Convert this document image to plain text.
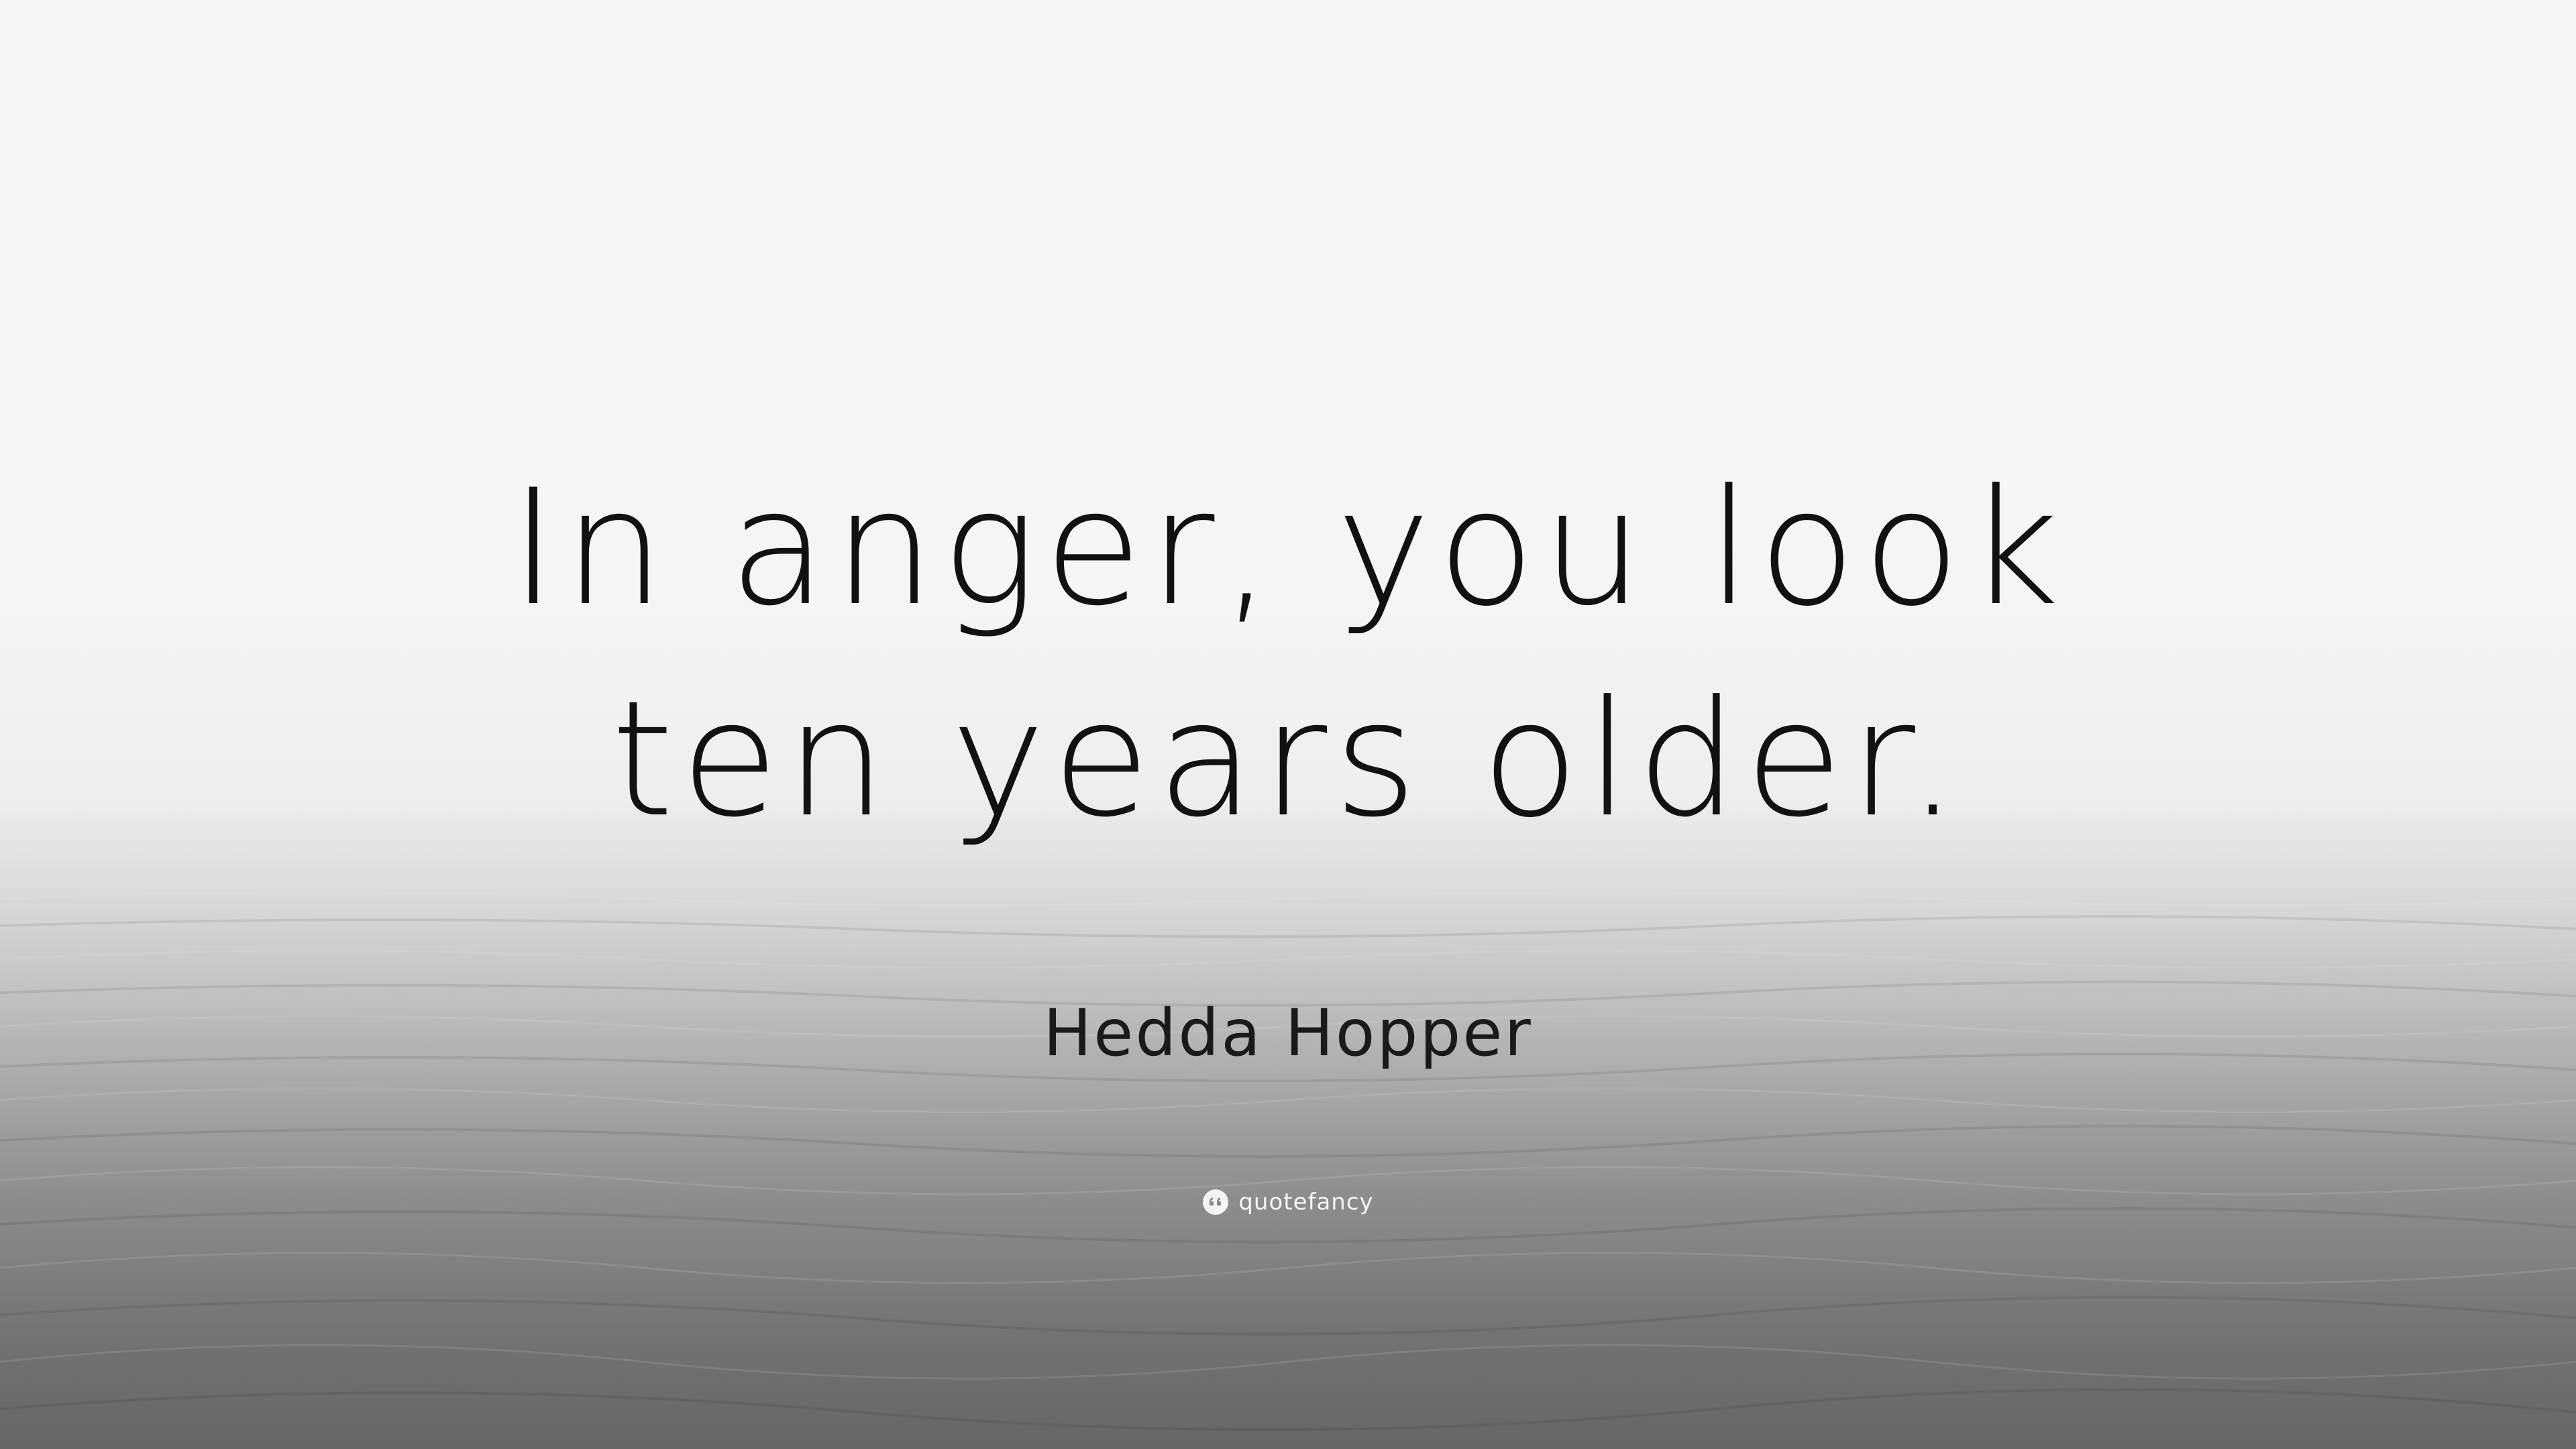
In anger, you look
ten years older.

Hedda Hopper

quotefancy
